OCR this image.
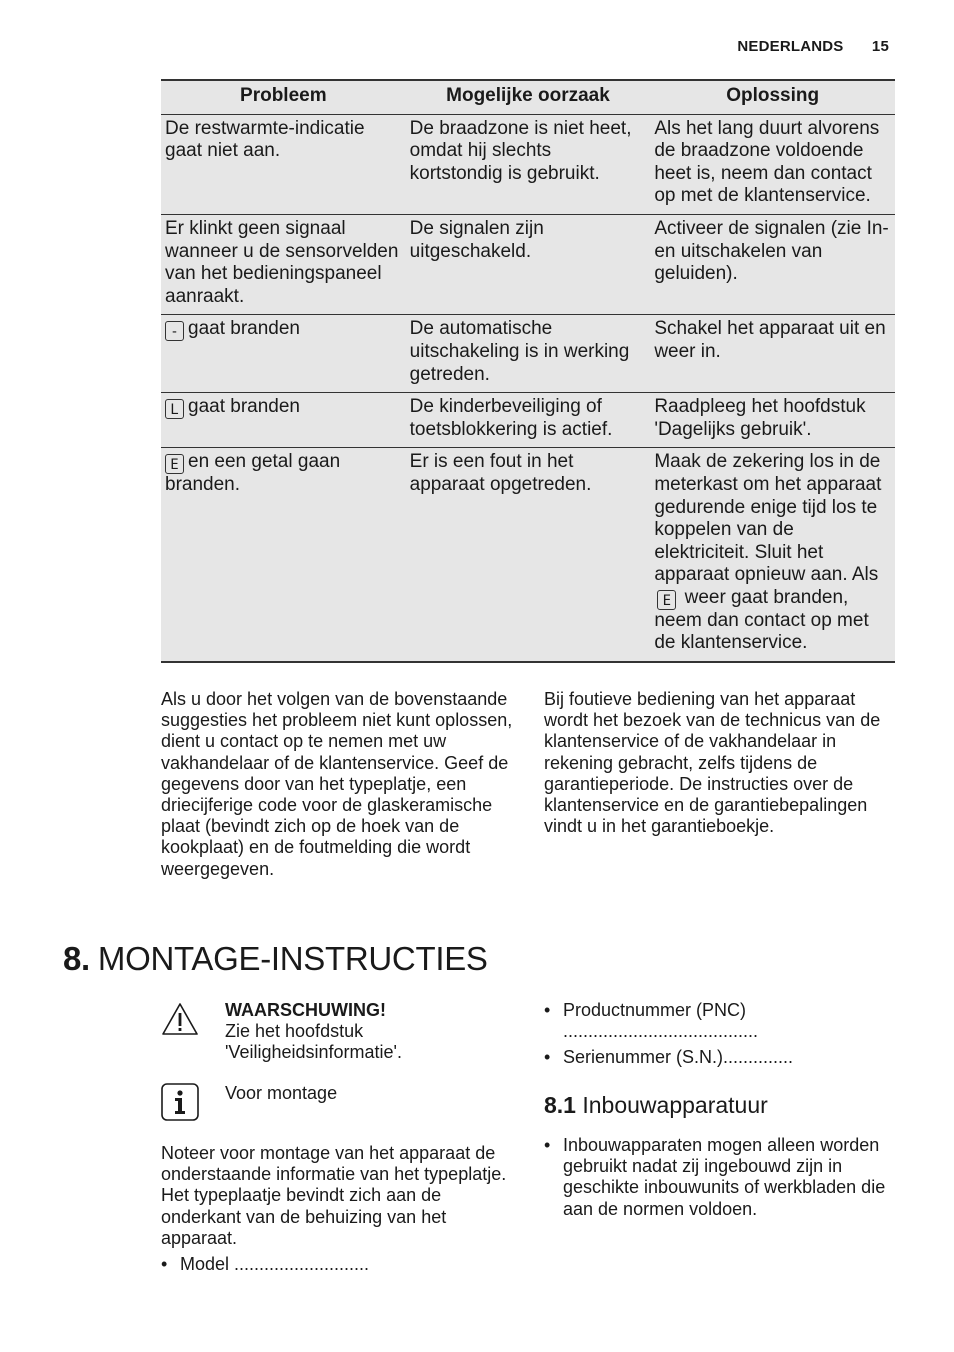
NEDERLANDS 15
Probleem	Mogelijke oorzaak	Oplossing
De restwarmte-indicatie gaat niet aan.	De braadzone is niet heet, omdat hij slechts kortstondig is gebruikt.	Als het lang duurt alvorens de braadzone voldoende heet is, neem dan contact op met de klantenservice.
Er klinkt geen signaal wanneer u de sensorvelden van het bedieningspaneel aanraakt.	De signalen zijn uitgeschakeld.	Activeer de signalen (zie In- en uitschakelen van geluiden).
- gaat branden	De automatische uitschakeling is in werking getreden.	Schakel het apparaat uit en weer in.
L gaat branden	De kinderbeveiliging of toetsblokkering is actief.	Raadpleeg het hoofdstuk 'Dagelijks gebruik'.
E en een getal gaan branden.	Er is een fout in het apparaat opgetreden.	Maak de zekering los in de meterkast om het apparaat gedurende enige tijd los te koppelen van de elektriciteit. Sluit het apparaat opnieuw aan. Als E weer gaat branden, neem dan contact op met de klantenservice.
Als u door het volgen van de bovenstaande suggesties het probleem niet kunt oplossen, dient u contact op te nemen met uw vakhandelaar of de klantenservice. Geef de gegevens door van het typeplatje, een driecijferige code voor de glaskeramische plaat (bevindt zich op de hoek van de kookplaat) en de foutmelding die wordt weergegeven.
Bij foutieve bediening van het apparaat wordt het bezoek van de technicus van de klantenservice of de vakhandelaar in rekening gebracht, zelfs tijdens de garantieperiode. De instructies over de klantenservice en de garantiebepalingen vindt u in het garantieboekje.
8. MONTAGE-INSTRUCTIES
WAARSCHUWING!
Zie het hoofdstuk 'Veiligheidsinformatie'.
Voor montage
Noteer voor montage van het apparaat de onderstaande informatie van het typeplatje. Het typeplaatje bevindt zich aan de onderkant van de behuizing van het apparaat.
• Model ...........................
• Productnummer (PNC) .......................................
• Serienummer (S.N.)..............
8.1 Inbouwapparatuur
• Inbouwapparaten mogen alleen worden gebruikt nadat zij ingebouwd zijn in geschikte inbouwunits of werkbladen die aan de normen voldoen.
